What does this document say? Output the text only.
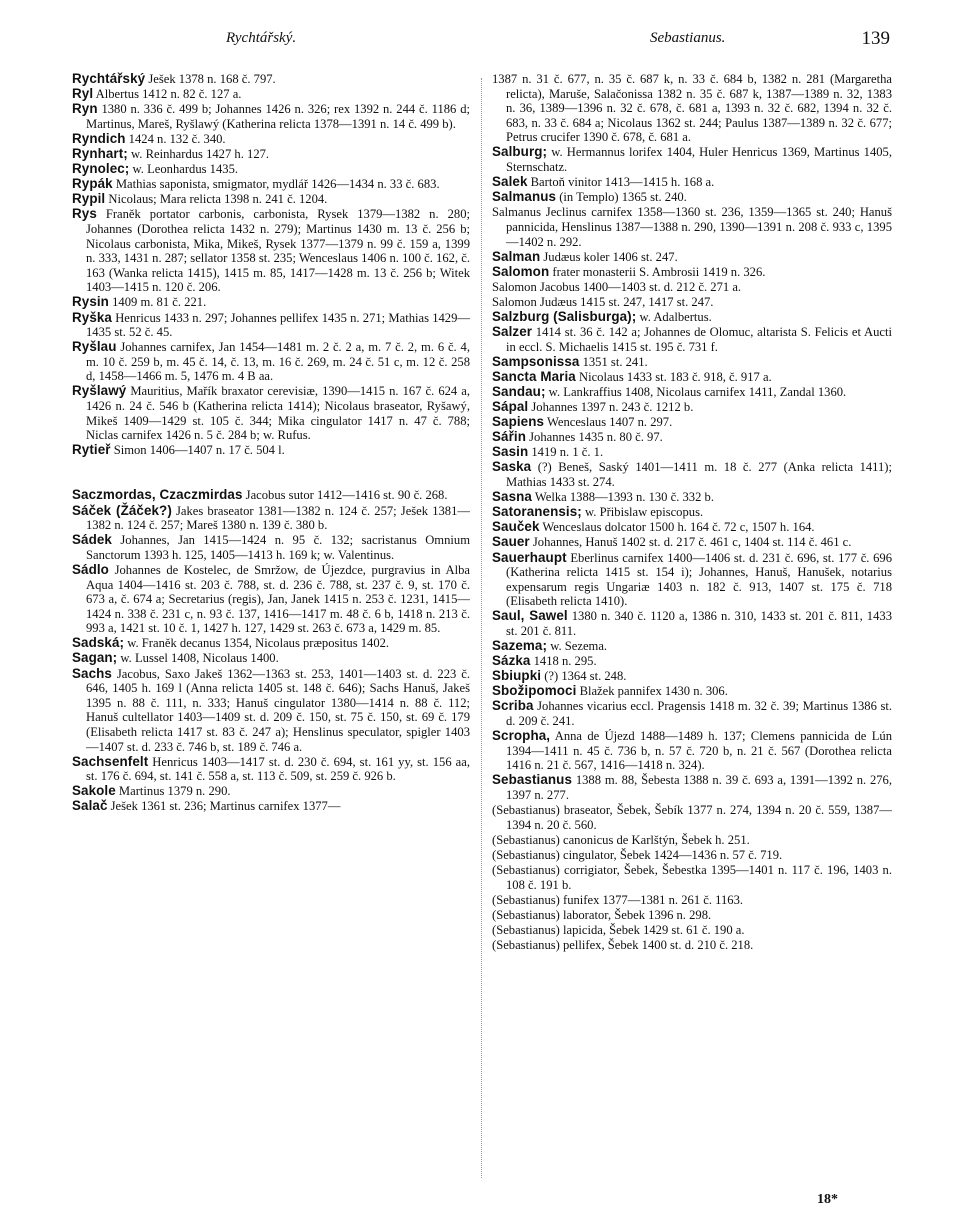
Rychtářský.	Sebastianus.	139
Rychtářský Ješek 1378 n. 168 č. 797.
Ryl Albertus 1412 n. 82 č. 127 a.
Ryn 1380 n. 336 č. 499 b; Johannes 1426 n. 326; rex 1392 n. 244 č. 1186 d; Martinus, Mareš, Ryšlawý (Katherina relicta 1378—1391 n. 14 č. 499 b).
Ryndich 1424 n. 132 č. 340.
Rynhart; w. Reinhardus 1427 h. 127.
Rynolec; w. Leonhardus 1435.
Rypák Mathias saponista, smigmator, mydlář 1426—1434 n. 33 č. 683.
Rypil Nicolaus; Mara relicta 1398 n. 241 č. 1204.
Rys Franěk portator carbonis, carbonista, Rysek 1379—1382 n. 280; Johannes (Dorothea relicta 1432 n. 279); Martinus 1430 m. 13 č. 256 b; Nicolaus carbonista, Mika, Mikeš, Rysek 1377—1379 n. 99 č. 159 a, 1399 n. 333, 1431 n. 287; sellator 1358 st. 235; Wenceslaus 1406 n. 100 č. 162, č. 163 (Wanka relicta 1415), 1415 m. 85, 1417—1428 m. 13 č. 256 b; Witek 1403—1415 n. 120 č. 206.
Rysin 1409 m. 81 č. 221.
Ryška Henricus 1433 n. 297; Johannes pellifex 1435 n. 271; Mathias 1429—1435 st. 52 č. 45.
Ryšlau Johannes carnifex, Jan 1454—1481 m. 2 č. 2 a, m. 7 č. 2, m. 6 č. 4, m. 10 č. 259 b, m. 45 č. 14, č. 13, m. 16 č. 269, m. 24 č. 51 c, m. 12 č. 258 d, 1458—1466 m. 5, 1476 m. 4 B aa.
Ryšlawý Mauritius, Mařík braxator cerevisiæ, 1390—1415 n. 167 č. 624 a, 1426 n. 24 č. 546 b (Katherina relicta 1414); Nicolaus braseator, Ryšawý, Mikeš 1409—1429 st. 105 č. 344; Mika cingulator 1417 n. 47 č. 788; Niclas carnifex 1426 n. 5 č. 284 b; w. Rufus.
Rytieř Simon 1406—1407 n. 17 č. 504 l.
Saczmordas, Czaczmirdas Jacobus sutor 1412—1416 st. 90 č. 268.
Sáček (Žáček?) Jakes braseator 1381—1382 n. 124 č. 257; Ješek 1381—1382 n. 124 č. 257; Mareš 1380 n. 139 č. 380 b.
Sádek Johannes, Jan 1415—1424 n. 95 č. 132; sacristanus Omnium Sanctorum 1393 h. 125, 1405—1413 h. 169 k; w. Valentinus.
Sádlo Johannes de Kostelec, de Smržow, de Újezdce, purgravius in Alba Aqua 1404—1416 st. 203 č. 788, st. d. 236 č. 788, st. 237 č. 9, st. 170 č. 673 a, č. 674 a; Secretarius (regis), Jan, Janek 1415 n. 253 č. 1231, 1415—1424 n. 338 č. 231 c, n. 93 č. 137, 1416—1417 m. 48 č. 6 b, 1418 n. 213 č. 993 a, 1421 st. 10 č. 1, 1427 h. 127, 1429 st. 263 č. 673 a, 1429 m. 85.
Sadská; w. Franěk decanus 1354, Nicolaus præpositus 1402.
Sagan; w. Lussel 1408, Nicolaus 1400.
Sachs Jacobus, Saxo Jakeš 1362—1363 st. 253, 1401—1403 st. d. 223 č. 646, 1405 h. 169 l (Anna relicta 1405 st. 148 č. 646); Sachs Hanuš, Jakeš 1395 n. 88 č. 111, n. 333; Hanuš cingulator 1380—1414 n. 88 č. 112; Hanuš cultellator 1403—1409 st. d. 209 č. 150, st. 75 č. 150, st. 69 č. 179 (Elisabeth relicta 1417 st. 83 č. 247 a); Henslinus speculator, spigler 1403—1407 st. d. 233 č. 746 b, st. 189 č. 746 a.
Sachsenfelt Henricus 1403—1417 st. d. 230 č. 694, st. 161 yy, st. 156 aa, st. 176 č. 694, st. 141 č. 558 a, st. 113 č. 509, st. 259 č. 926 b.
Sakole Martinus 1379 n. 290.
Salač Ješek 1361 st. 236; Martinus carnifex 1377—
1387 n. 31 č. 677, n. 35 č. 687 k, n. 33 č. 684 b, 1382 n. 281 (Margaretha relicta), Maruše, Salačonissa 1382 n. 35 č. 687 k, 1387—1389 n. 32, 1383 n. 36, 1389—1396 n. 32 č. 678, č. 681 a, 1393 n. 32 č. 682, 1394 n. 32 č. 683, n. 33 č. 684 a; Nicolaus 1362 st. 244; Paulus 1387—1389 n. 32 č. 677; Petrus crucifer 1390 č. 678, č. 681 a.
Salburg; w. Hermannus lorifex 1404, Huler Henricus 1369, Martinus 1405, Sternschatz.
Salek Bartoň vinitor 1413—1415 h. 168 a.
Salmanus (in Templo) 1365 st. 240.
Salmanus Jeclinus carnifex 1358—1360 st. 236, 1359—1365 st. 240; Hanuš pannicida, Henslinus 1387—1388 n. 290, 1390—1391 n. 208 č. 933 c, 1395—1402 n. 292.
Salman Judæus koler 1406 st. 247.
Salomon frater monasterii S. Ambrosii 1419 n. 326.
Salomon Jacobus 1400—1403 st. d. 212 č. 271 a.
Salomon Judæus 1415 st. 247, 1417 st. 247.
Salzburg (Salisburga); w. Adalbertus.
Salzer 1414 st. 36 č. 142 a; Johannes de Olomuc, altarista S. Felicis et Aucti in eccl. S. Michaelis 1415 st. 195 č. 731 f.
Sampsonissa 1351 st. 241.
Sancta Maria Nicolaus 1433 st. 183 č. 918, č. 917 a.
Sandau; w. Lankraffius 1408, Nicolaus carnifex 1411, Zandal 1360.
Sápal Johannes 1397 n. 243 č. 1212 b.
Sapiens Wenceslaus 1407 n. 297.
Sářin Johannes 1435 n. 80 č. 97.
Sasin 1419 n. 1 č. 1.
Saska (?) Beneš, Saský 1401—1411 m. 18 č. 277 (Anka relicta 1411); Mathias 1433 st. 274.
Sasna Welka 1388—1393 n. 130 č. 332 b.
Satoranensis; w. Přibislaw episcopus.
Sauček Wenceslaus dolcator 1500 h. 164 č. 72 c, 1507 h. 164.
Sauer Johannes, Hanuš 1402 st. d. 217 č. 461 c, 1404 st. 114 č. 461 c.
Sauerhaupt Eberlinus carnifex 1400—1406 st. d. 231 č. 696, st. 177 č. 696 (Katherina relicta 1415 st. 154 i); Johannes, Hanuš, Hanušek, notarius expensarum regis Ungariæ 1403 n. 182 č. 913, 1407 st. 175 č. 718 (Elisabeth relicta 1410).
Saul, Sawel 1380 n. 340 č. 1120 a, 1386 n. 310, 1433 st. 201 č. 811, 1433 st. 201 č. 811.
Sazema; w. Sezema.
Sázka 1418 n. 295.
Sbiupki (?) 1364 st. 248.
Sbožipomoci Blažek pannifex 1430 n. 306.
Scriba Johannes vicarius eccl. Pragensis 1418 m. 32 č. 39; Martinus 1386 st. d. 209 č. 241.
Scropha, Anna de Újezd 1488—1489 h. 137; Clemens pannicida de Lún 1394—1411 n. 45 č. 736 b, n. 57 č. 720 b, n. 21 č. 567 (Dorothea relicta 1416 n. 21 č. 567, 1416—1418 n. 324).
Sebastianus 1388 m. 88, Šebesta 1388 n. 39 č. 693 a, 1391—1392 n. 276, 1397 n. 277.
(Sebastianus) braseator, Šebek, Šebík 1377 n. 274, 1394 n. 20 č. 559, 1387—1394 n. 20 č. 560.
(Sebastianus) canonicus de Karlštýn, Šebek h. 251.
(Sebastianus) cingulator, Šebek 1424—1436 n. 57 č. 719.
(Sebastianus) corrigiator, Šebek, Šebestka 1395—1401 n. 117 č. 196, 1403 n. 108 č. 191 b.
(Sebastianus) funifex 1377—1381 n. 261 č. 1163.
(Sebastianus) laborator, Šebek 1396 n. 298.
(Sebastianus) lapicida, Šebek 1429 st. 61 č. 190 a.
(Sebastianus) pellifex, Šebek 1400 st. d. 210 č. 218.
18*
